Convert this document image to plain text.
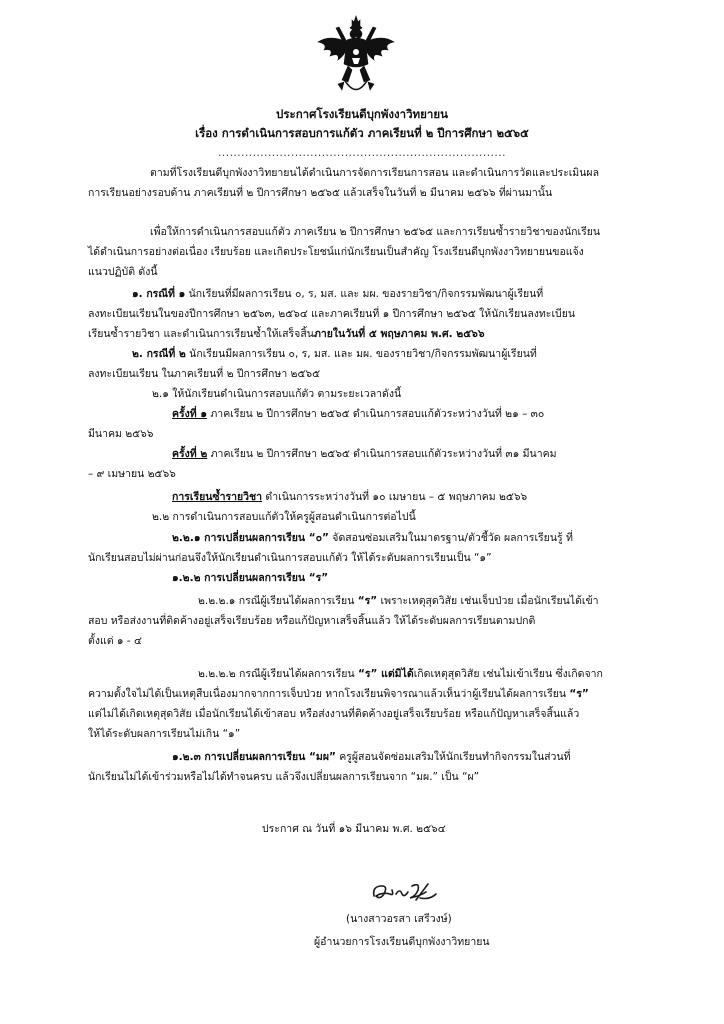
ประกาศโรงเรียนดีบุกพังงาวิทยายน
เรื่อง การดำเนินการสอบการแก้ตัว ภาคเรียนที่ ๒ ปีการศึกษา ๒๕๖๕
...........................................................................
ตามที่โรงเรียนดีบุกพังงาวิทยายนได้ดำเนินการจัดการเรียนการสอน และดำเนินการวัดและประเมินผล
การเรียนอย่างรอบด้าน ภาคเรียนที่ ๒ ปีการศึกษา ๒๕๖๕ แล้วเสร็จในวันที่ ๒ มีนาคม ๒๕๖๖ ที่ผ่านมานั้น
เพื่อให้การดำเนินการสอบแก้ตัว ภาคเรียน ๒ ปีการศึกษา ๒๕๖๕ และการเรียนซ้ำรายวิชาของนักเรียน
ได้ดำเนินการอย่างต่อเนื่อง เรียบร้อย และเกิดประโยชน์แก่นักเรียนเป็นสำคัญ โรงเรียนดีบุกพังงาวิทยายนขอแจ้ง
แนวปฏิบัติ ดังนี้
๑. กรณีที่ ๑ นักเรียนที่มีผลการเรียน ๐, ร, มส. และ มผ. ของรายวิชา/กิจกรรมพัฒนาผู้เรียนที่
ลงทะเบียนเรียนในของปีการศึกษา ๒๕๖๓, ๒๕๖๔ และภาคเรียนที่ ๑ ปีการศึกษา ๒๕๖๕ ให้นักเรียนลงทะเบียน
เรียนซ้ำรายวิชา และดำเนินการเรียนซ้ำให้เสร็จสิ้นภายในวันที่ ๕ พฤษภาคม พ.ศ. ๒๕๖๖
๒. กรณีที่ ๒ นักเรียนมีผลการเรียน ๐, ร, มส. และ มผ. ของรายวิชา/กิจกรรมพัฒนาผู้เรียนที่
ลงทะเบียนเรียน ในภาคเรียนที่ ๒ ปีการศึกษา ๒๕๖๕
๒.๑ ให้นักเรียนดำเนินการสอบแก้ตัว ตามระยะเวลาดังนี้
ครั้งที่ ๑ ภาคเรียน ๒ ปีการศึกษา ๒๕๖๕ ดำเนินการสอบแก้ตัวระหว่างวันที่ ๒๑ – ๓๐
มีนาคม ๒๕๖๖
ครั้งที่ ๒ ภาคเรียน ๒ ปีการศึกษา ๒๕๖๕ ดำเนินการสอบแก้ตัวระหว่างวันที่ ๓๑ มีนาคม
– ๙ เมษายน ๒๕๖๖
การเรียนซ้ำรายวิชา ดำเนินการระหว่างวันที่ ๑๐ เมษายน – ๕ พฤษภาคม ๒๕๖๖
๒.๒ การดำเนินการสอบแก้ตัวให้ครูผู้สอนดำเนินการต่อไปนี้
๒.๒.๑ การเปลี่ยนผลการเรียน “๐” จัดสอนซ่อมเสริมในมาตรฐาน/ตัวชี้วัด ผลการเรียนรู้ ที่
นักเรียนสอบไม่ผ่านก่อนจึงให้นักเรียนดำเนินการสอบแก้ตัว ให้ได้ระดับผลการเรียนเป็น “๑”
๑.๒.๒ การเปลี่ยนผลการเรียน “ร”
๒.๒.๒.๑ กรณีผู้เรียนได้ผลการเรียน “ร” เพราะเหตุสุดวิสัย เช่นเจ็บป่วย เมื่อนักเรียนได้เข้า
สอบ หรือส่งงานที่ติดค้างอยู่เสร็จเรียบร้อย หรือแก้ปัญหาเสร็จสิ้นแล้ว ให้ได้ระดับผลการเรียนตามปกติ
ตั้งแต่ ๑ - ๔
๒.๒.๒.๒ กรณีผู้เรียนได้ผลการเรียน “ร” แต่มิได้เกิดเหตุสุดวิสัย เช่นไม่เข้าเรียน ซึ่งเกิดจาก
ความตั้งใจไม่ได้เป็นเหตุสืบเนื่องมากจากการเจ็บป่วย หากโรงเรียนพิจารณาแล้วเห็นว่าผู้เรียนได้ผลการเรียน “ร”
แต่ไม่ได้เกิดเหตุสุดวิสัย เมื่อนักเรียนได้เข้าสอบ หรือส่งงานที่ติดค้างอยู่เสร็จเรียบร้อย หรือแก้ปัญหาเสร็จสิ้นแล้ว
ให้ได้ระดับผลการเรียนไม่เกิน “๑”
๑.๒.๓ การเปลี่ยนผลการเรียน “มผ” ครูผู้สอนจัดซ่อมเสริมให้นักเรียนทำกิจกรรมในส่วนที่
นักเรียนไม่ได้เข้าร่วมหรือไม่ได้ทำจนครบ แล้วจึงเปลี่ยนผลการเรียนจาก “มผ.” เป็น “ผ”
ประกาศ ณ วันที่ ๑๖ มีนาคม พ.ศ. ๒๕๖๔
(นางสาวอรสา เสรีวงษ์)
ผู้อำนวยการโรงเรียนดีบุกพังงาวิทยายน
